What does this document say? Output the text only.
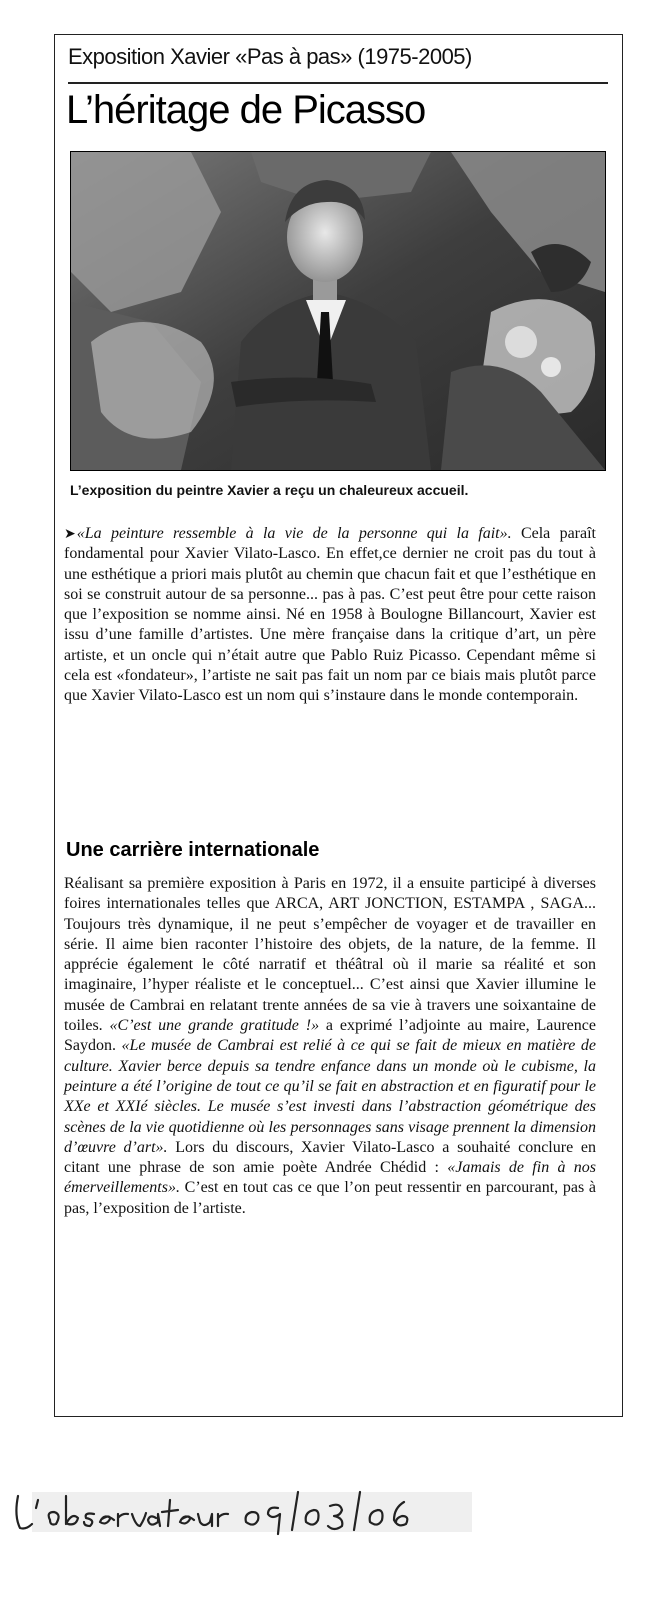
Exposition Xavier «Pas à pas» (1975-2005)
L’héritage de Picasso
L’exposition du peintre Xavier a reçu un chaleureux accueil.
➤«La peinture ressemble à la vie de la personne qui la fait». Cela paraît fondamental pour Xavier Vilato-Lasco. En effet,ce dernier ne croit pas du tout à une esthétique a priori mais plutôt au chemin que chacun fait et que l’esthétique en soi se construit autour de sa personne... pas à pas. C’est peut être pour cette raison que l’exposition se nomme ainsi. Né en 1958 à Boulogne Billancourt, Xavier est issu d’une famille d’artistes. Une mère française dans la critique d’art, un père artiste, et un oncle qui n’était autre que Pablo Ruiz Picasso. Cependant même si cela est «fondateur», l’artiste ne sait pas fait un nom par ce biais mais plutôt parce que Xavier Vilato-Lasco est un nom qui s’instaure dans le monde contemporain.
Une carrière internationale
Réalisant sa première exposition à Paris en 1972, il a ensuite participé à diverses foires internationales telles que ARCA, ART JONCTION, ESTAMPA , SAGA... Toujours très dynamique, il ne peut s’empêcher de voyager et de travailler en série. Il aime bien raconter l’histoire des objets, de la nature, de la femme. Il apprécie également le côté narratif et théâtral où il marie sa réalité et son imaginaire, l’hyper réaliste et le conceptuel... C’est ainsi que Xavier illumine le musée de Cambrai en relatant trente années de sa vie à travers une soixantaine de toiles. «C’est une grande gratitude !» a exprimé l’adjointe au maire, Laurence Saydon. «Le musée de Cambrai est relié à ce qui se fait de mieux en matière de culture. Xavier berce depuis sa tendre enfance dans un monde où le cubisme, la peinture a été l’origine de tout ce qu’il se fait en abstraction et en figuratif pour le XXe et XXIé siècles. Le musée s’est investi dans l’abstraction géométrique des scènes de la vie quotidienne où les personnages sans visage prennent la dimension d’œuvre d’art». Lors du discours, Xavier Vilato-Lasco a souhaité conclure en citant une phrase de son amie poète Andrée Chédid : «Jamais de fin à nos émerveillements». C’est en tout cas ce que l’on peut ressentir en parcourant, pas à pas, l’exposition de l’artiste.
